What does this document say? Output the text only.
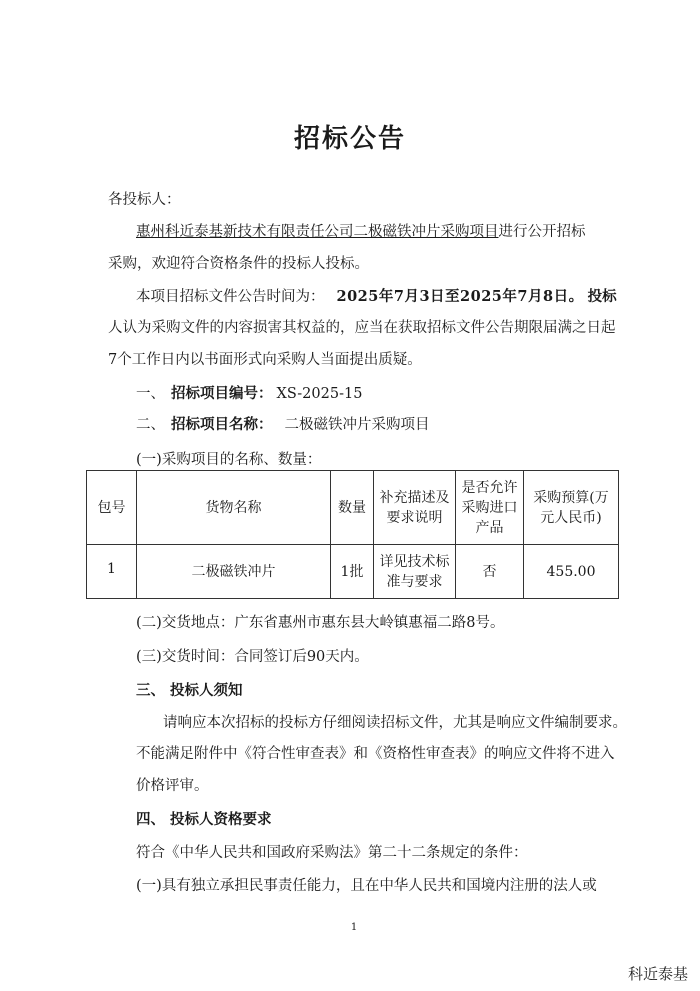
招标公告
各投标人：
惠州科近泰基新技术有限责任公司二极磁铁冲片采购项目进行公开招标
采购，欢迎符合资格条件的投标人投标。
本项目招标文件公告时间为： 2025年7月3日至2025年7月8日。 投标
人认为采购文件的内容损害其权益的，应当在获取招标文件公告期限届满之日起
7个工作日内以书面形式向采购人当面提出质疑。
一、 招标项目编号： XS-2025-15
二、 招标项目名称： 二极磁铁冲片采购项目
(一)采购项目的名称、数量：
包号	货物名称	数量	补充描述及要求说明	是否允许采购进口产品	采购预算(万元人民币)
1	二极磁铁冲片	1批	详见技术标准与要求	否	455.00
(二)交货地点：广东省惠州市惠东县大岭镇惠福二路8号。
(三)交货时间：合同签订后90天内。
三、 投标人须知
请响应本次招标的投标方仔细阅读招标文件，尤其是响应文件编制要求。
不能满足附件中《符合性审查表》和《资格性审查表》的响应文件将不进入
价格评审。
四、 投标人资格要求
符合《中华人民共和国政府采购法》第二十二条规定的条件：
(一)具有独立承担民事责任能力，且在中华人民共和国境内注册的法人或
1
科近泰基
